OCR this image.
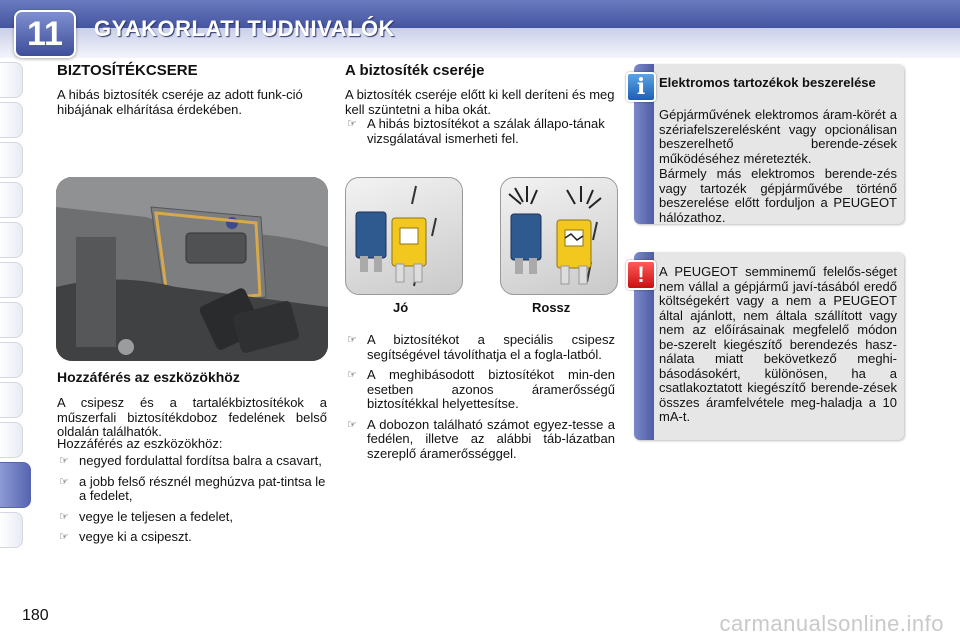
11	GYAKORLATI TUDNIVALÓK
BIZTOSÍTÉKCSERE
A hibás biztosíték cseréje az adott funk-ció hibájának elhárítása érdekében.
Hozzáférés az eszközökhöz
A csipesz és a tartalékbiztosítékok a műszerfali biztosítékdoboz fedelének belső oldalán találhatók.
Hozzáférés az eszközökhöz:
☞ negyed fordulattal fordítsa balra a csavart,
☞ a jobb felső résznél meghúzva pat-tintsa le a fedelet,
☞ vegye le teljesen a fedelet,
☞ vegye ki a csipeszt.
A biztosíték cseréje
A biztosíték cseréje előtt ki kell deríteni és meg kell szüntetni a hiba okát.
☞ A hibás biztosítékot a szálak állapo-tának vizsgálatával ismerheti fel.
Jó	Rossz
☞ A biztosítékot a speciális csipesz segítségével távolíthatja el a fogla-latból.
☞ A meghibásodott biztosítékot min-den esetben azonos áramerősségű biztosítékkal helyettesítse.
☞ A dobozon található számot egyez-tesse a fedélen, illetve az alábbi táb-lázatban szereplő áramerősséggel.
i	Elektromos tartozékok beszerelése
Gépjárművének elektromos áram-körét a szériafelszerelésként vagy opcionálisan beszerelhető berende-zések működéséhez méretezték.
Bármely más elektromos berende-zés vagy tartozék gépjárművébe történő beszerelése előtt forduljon a PEUGEOT hálózathoz.
!	A PEUGEOT semminemű felelős-séget nem vállal a gépjármű javí-tásából eredő költségekért vagy a nem a PEUGEOT által ajánlott, nem általa szállított vagy nem az előírásainak megfelelő módon be-szerelt kiegészítő berendezés hasz-nálata miatt bekövetkező meghi-básodásokért, különösen, ha a csatlakoztatott kiegészítő berende-zések összes áramfelvétele meg-haladja a 10 mA-t.
180	carmanualsonline.info
